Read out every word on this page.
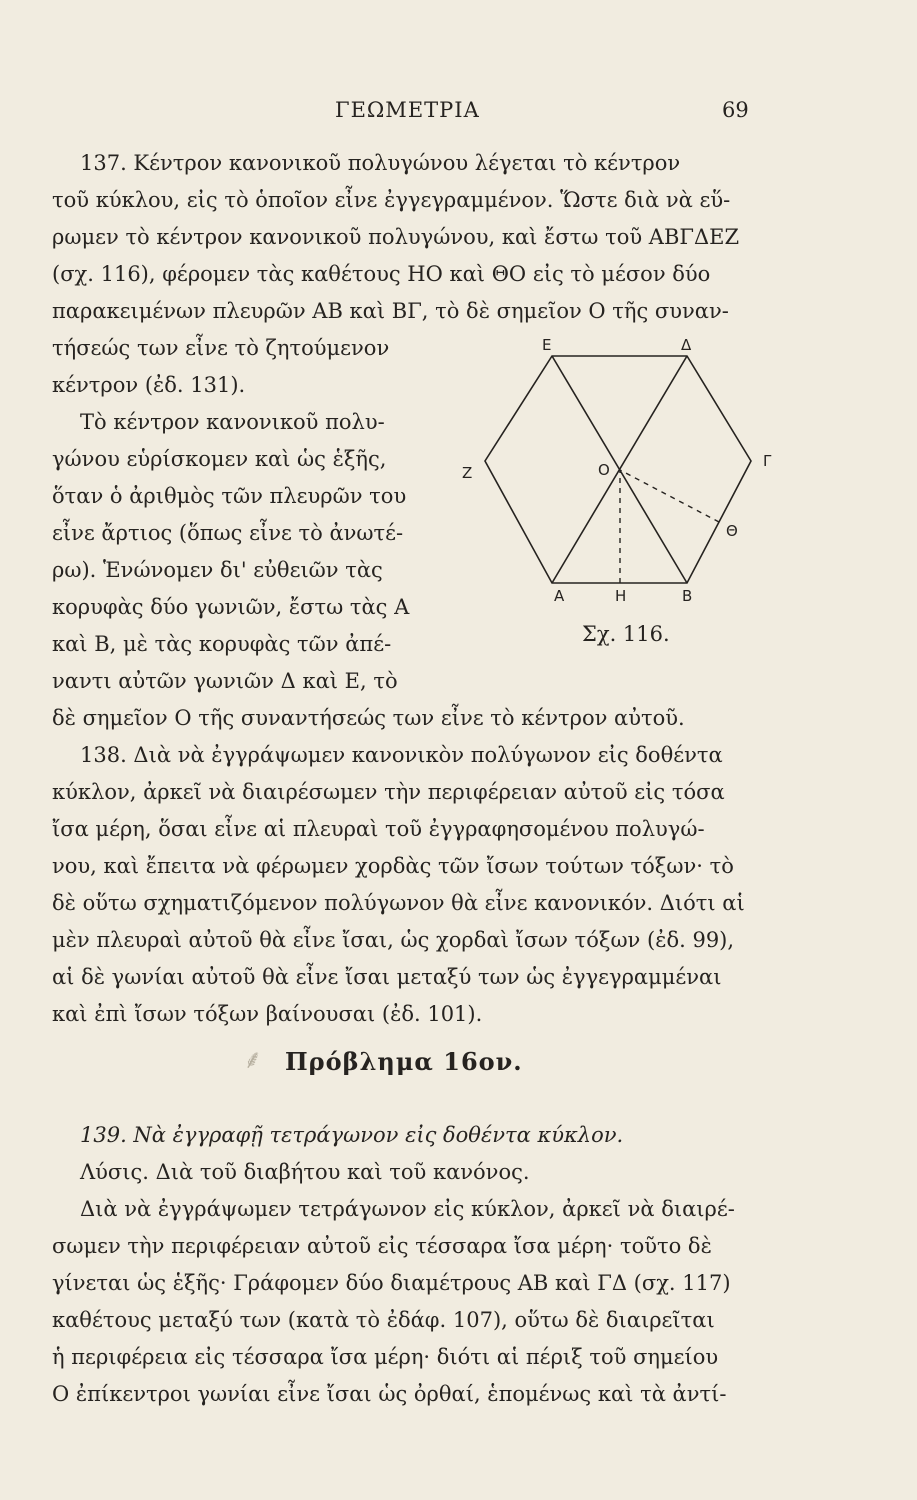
ΓΕΩΜΕΤΡΙΑ	69
137. Κέντρον κανονικοῦ πολυγώνου λέγεται τὸ κέντρον
τοῦ κύκλου, εἰς τὸ ὁποῖον εἶνε ἐγγεγραμμένον. Ὥστε διὰ νὰ εὕ-
ρωμεν τὸ κέντρον κανονικοῦ πολυγώνου, καὶ ἔστω τοῦ ΑΒΓΔΕΖ
(σχ. 116), φέρομεν τὰς καθέτους ΗΟ καὶ ΘΟ εἰς τὸ μέσον δύο
παρακειμένων πλευρῶν ΑΒ καὶ ΒΓ, τὸ δὲ σημεῖον Ο τῆς συναν-
τήσεώς των εἶνε τὸ ζητούμενον
κέντρον (ἐδ. 131).
Τὸ κέντρον κανονικοῦ πολυ-
γώνου εὑρίσκομεν καὶ ὡς ἑξῆς,
ὅταν ὁ ἀριθμὸς τῶν πλευρῶν του
εἶνε ἄρτιος (ὅπως εἶνε τὸ ἀνωτέ-
ρω). Ἑνώνομεν δι' εὐθειῶν τὰς
κορυφὰς δύο γωνιῶν, ἔστω τὰς Α
καὶ Β, μὲ τὰς κορυφὰς τῶν ἀπέ-
ναντι αὐτῶν γωνιῶν Δ καὶ Ε, τὸ
δὲ σημεῖον Ο τῆς συναντήσεώς των εἶνε τὸ κέντρον αὐτοῦ.
138. Διὰ νὰ ἐγγράψωμεν κανονικὸν πολύγωνον εἰς δοθέντα
κύκλον, ἀρκεῖ νὰ διαιρέσωμεν τὴν περιφέρειαν αὐτοῦ εἰς τόσα
ἴσα μέρη, ὅσαι εἶνε αἱ πλευραὶ τοῦ ἐγγραφησομένου πολυγώ-
νου, καὶ ἔπειτα νὰ φέρωμεν χορδὰς τῶν ἴσων τούτων τόξων· τὸ
δὲ οὕτω σχηματιζόμενον πολύγωνον θὰ εἶνε κανονικόν. Διότι αἱ
μὲν πλευραὶ αὐτοῦ θὰ εἶνε ἴσαι, ὡς χορδαὶ ἴσων τόξων (ἐδ. 99),
αἱ δὲ γωνίαι αὐτοῦ θὰ εἶνε ἴσαι μεταξύ των ὡς ἐγγεγραμμέναι
καὶ ἐπὶ ἴσων τόξων βαίνουσαι (ἐδ. 101).
⸙ Πρόβλημα 16ον.
139. Νὰ ἐγγραφῇ τετράγωνον εἰς δοθέντα κύκλον.
Λύσις. Διὰ τοῦ διαβήτου καὶ τοῦ κανόνος.
Διὰ νὰ ἐγγράψωμεν τετράγωνον εἰς κύκλον, ἀρκεῖ νὰ διαιρέ-
σωμεν τὴν περιφέρειαν αὐτοῦ εἰς τέσσαρα ἴσα μέρη· τοῦτο δὲ
γίνεται ὡς ἑξῆς· Γράφομεν δύο διαμέτρους ΑΒ καὶ ΓΔ (σχ. 117)
καθέτους μεταξύ των (κατὰ τὸ ἐδάφ. 107), οὕτω δὲ διαιρεῖται
ἡ περιφέρεια εἰς τέσσαρα ἴσα μέρη· διότι αἱ πέριξ τοῦ σημείου
Ο ἐπίκεντροι γωνίαι εἶνε ἴσαι ὡς ὀρθαί, ἑπομένως καὶ τὰ ἀντί-
Ε	Δ
Γ
Ζ	Ο
Θ
Α	Η	Β
Σχ. 116.
